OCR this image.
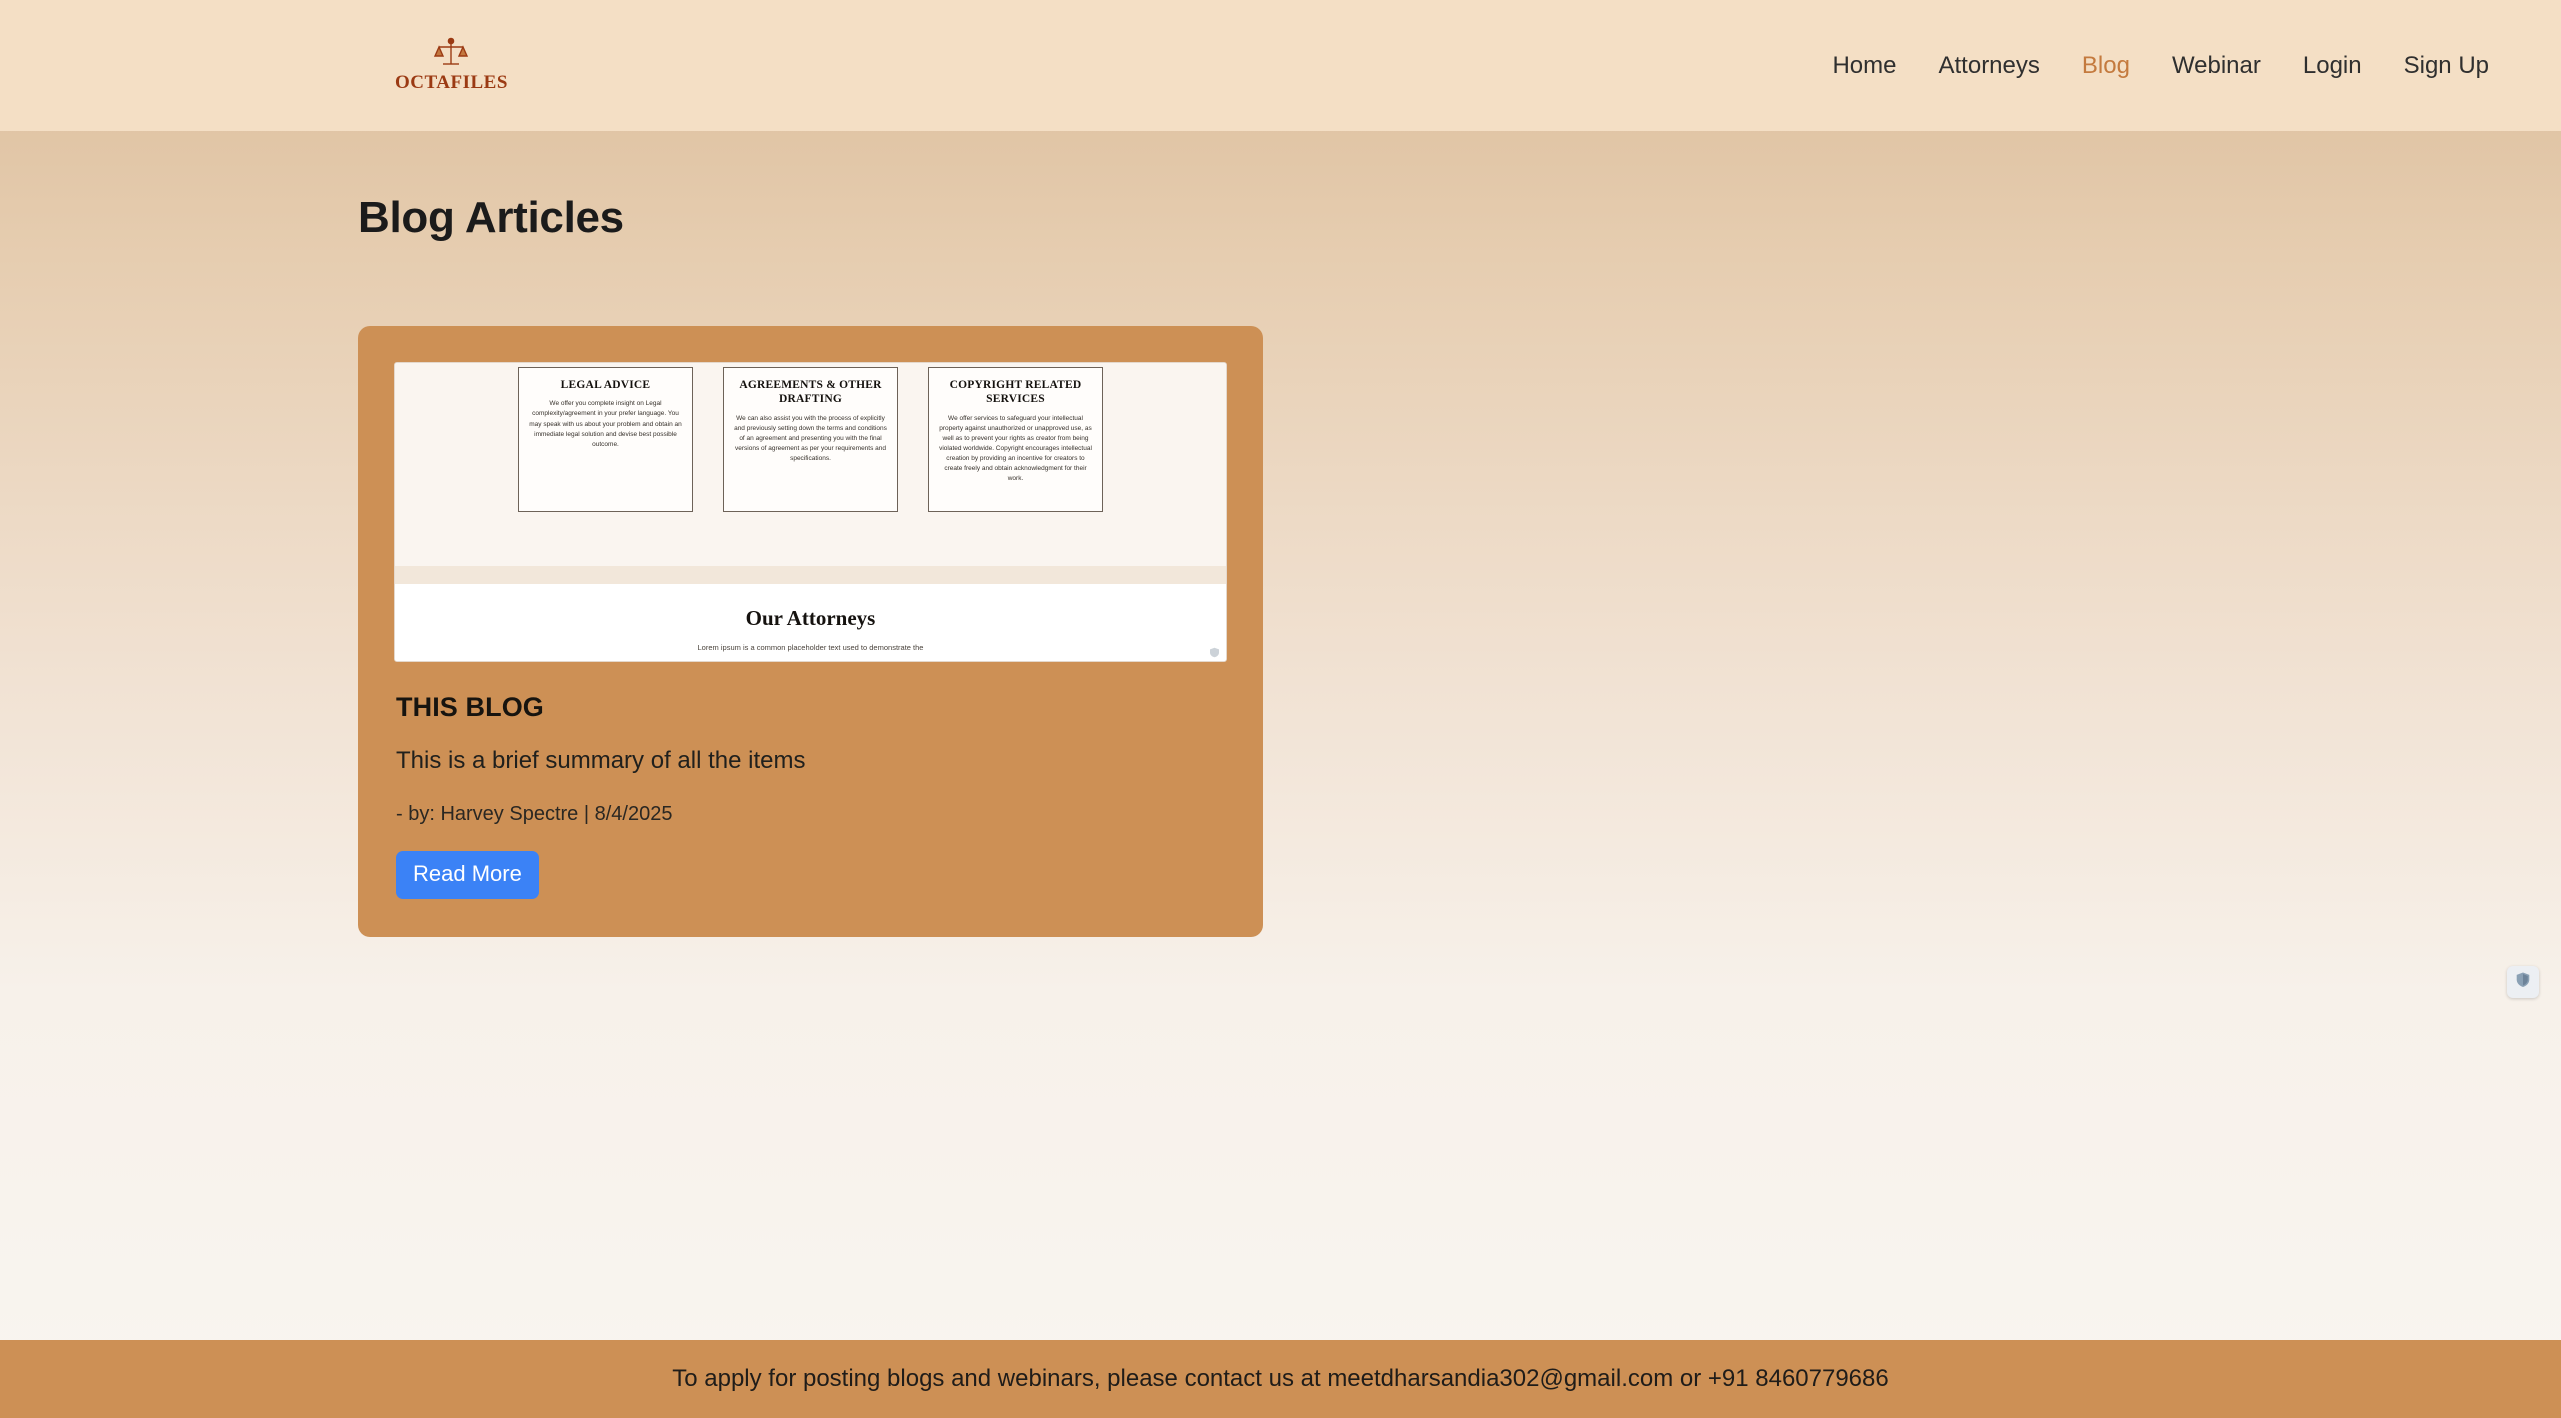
OCTAFILES
Home Attorneys Blog Webinar Login Sign Up
Blog Articles
LEGAL ADVICE

We offer you complete insight on Legal complexity/agreement in your prefer language. You may speak with us about your problem and obtain an immediate legal solution and devise best possible outcome.

AGREEMENTS & OTHER DRAFTING

We can also assist you with the process of explicitly and previously setting down the terms and conditions of an agreement and presenting you with the final versions of agreement as per your requirements and specifications.

COPYRIGHT RELATED SERVICES

We offer services to safeguard your intellectual property against unauthorized or unapproved use, as well as to prevent your rights as creator from being violated worldwide. Copyright encourages intellectual creation by providing an incentive for creators to create freely and obtain acknowledgment for their work.

Our Attorneys

Lorem ipsum is a common placeholder text used to demonstrate the

THIS BLOG
This is a brief summary of all the items
- by: Harvey Spectre | 8/4/2025
Read More
To apply for posting blogs and webinars, please contact us at meetdharsandia302@gmail.com or +91 8460779686
